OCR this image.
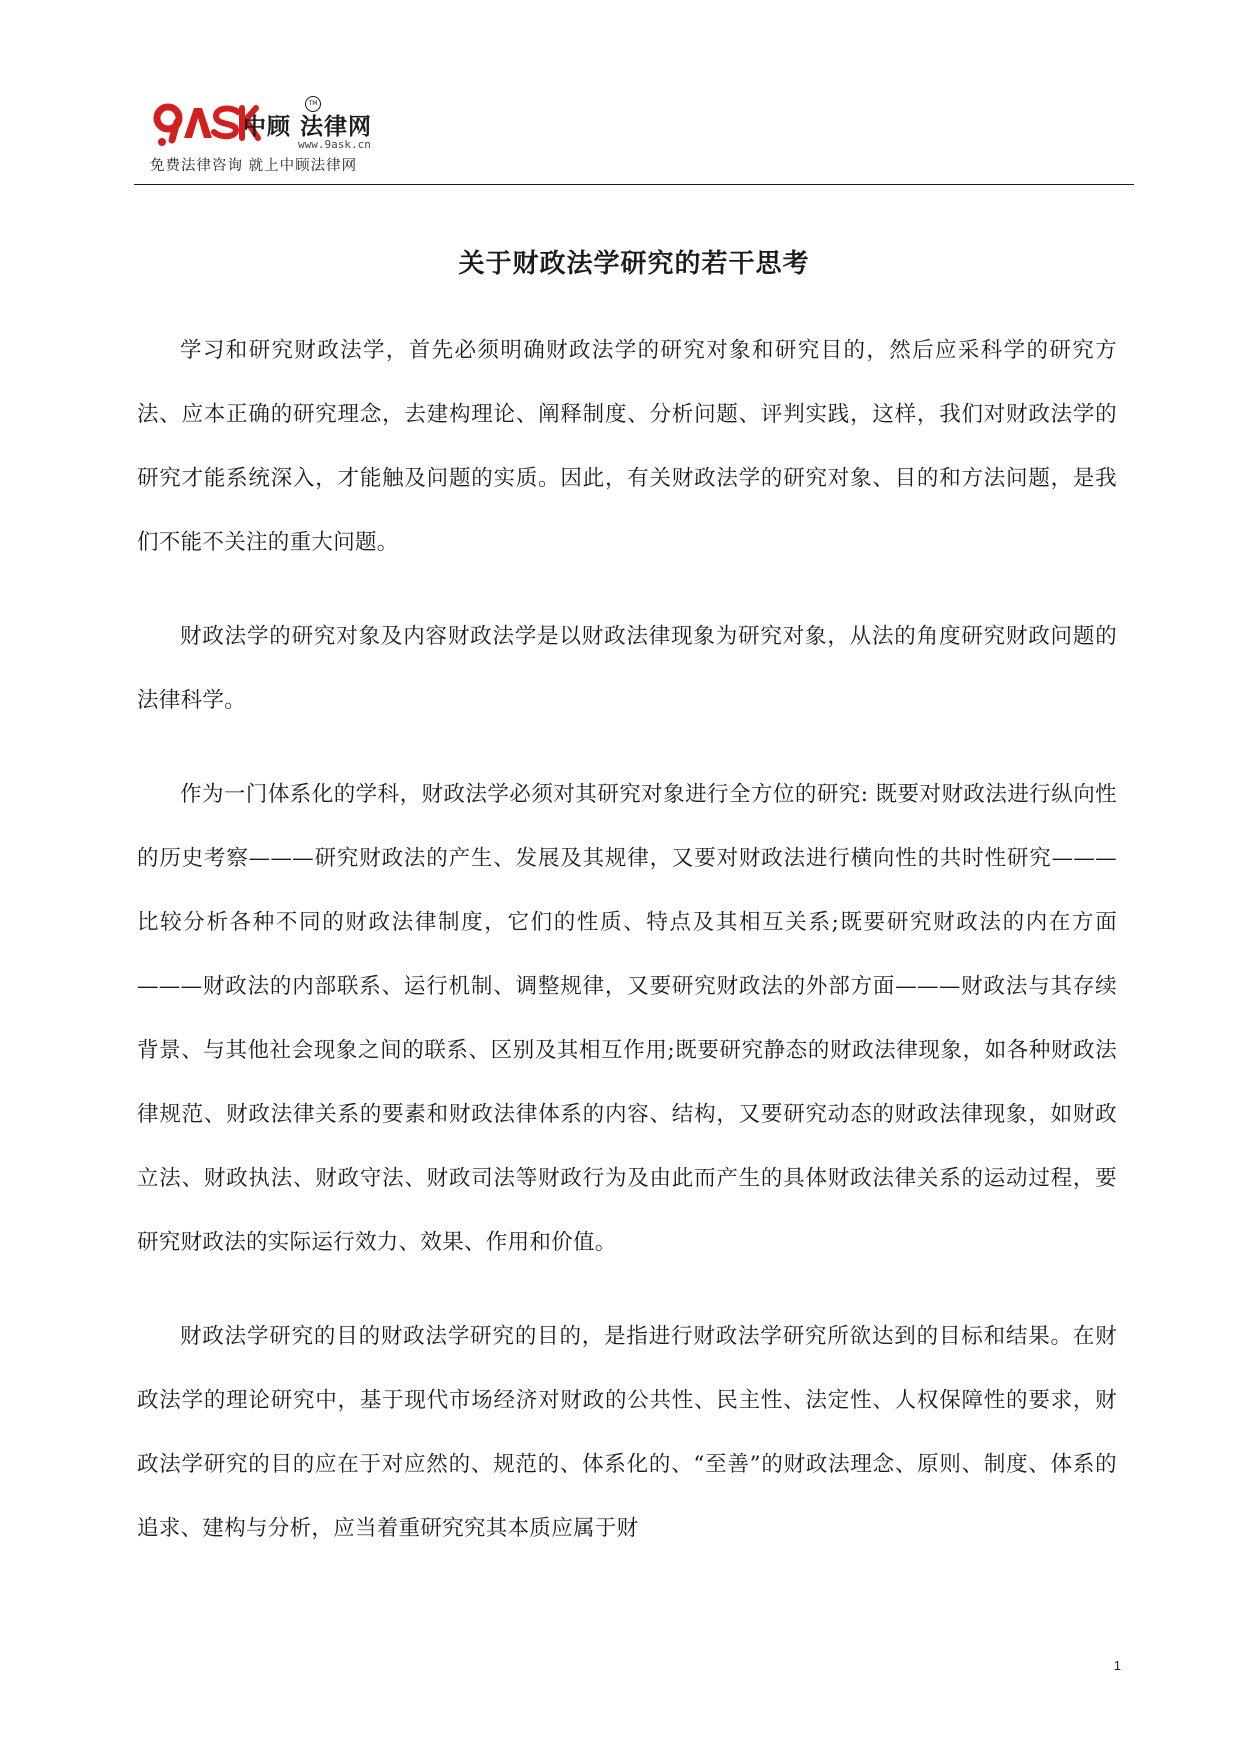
中顾 法律网
TM
www.9ask.cn
免费法律咨询 就上中顾法律网
关于财政法学研究的若干思考

学习和研究财政法学，首先必须明确财政法学的研究对象和研究目的，然后应采科学的研究方法、应本正确的研究理念，去建构理论、阐释制度、分析问题、评判实践，这样，我们对财政法学的研究才能系统深入，才能触及问题的实质。因此，有关财政法学的研究对象、目的和方法问题，是我们不能不关注的重大问题。

财政法学的研究对象及内容财政法学是以财政法律现象为研究对象，从法的角度研究财政问题的法律科学。

作为一门体系化的学科，财政法学必须对其研究对象进行全方位的研究: 既要对财政法进行纵向性的历史考察———研究财政法的产生、发展及其规律，又要对财政法进行横向性的共时性研究———比较分析各种不同的财政法律制度，它们的性质、特点及其相互关系;既要研究财政法的内在方面———财政法的内部联系、运行机制、调整规律，又要研究财政法的外部方面———财政法与其存续背景、与其他社会现象之间的联系、区别及其相互作用;既要研究静态的财政法律现象，如各种财政法律规范、财政法律关系的要素和财政法律体系的内容、结构，又要研究动态的财政法律现象，如财政立法、财政执法、财政守法、财政司法等财政行为及由此而产生的具体财政法律关系的运动过程，要研究财政法的实际运行效力、效果、作用和价值。

财政法学研究的目的财政法学研究的目的，是指进行财政法学研究所欲达到的目标和结果。在财政法学的理论研究中，基于现代市场经济对财政的公共性、民主性、法定性、人权保障性的要求，财政法学研究的目的应在于对应然的、规范的、体系化的、“至善”的财政法理念、原则、制度、体系的追求、建构与分析，应当着重研究究其本质应属于财

1
